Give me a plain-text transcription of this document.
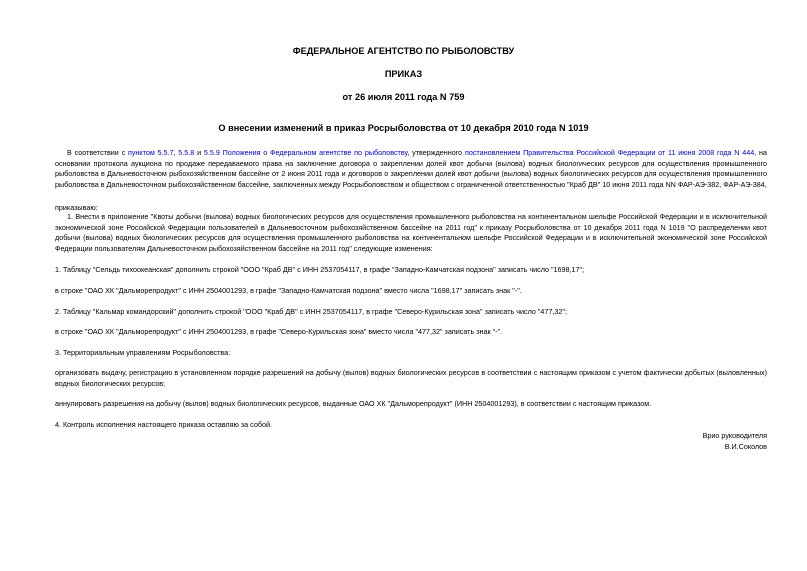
ФЕДЕРАЛЬНОЕ АГЕНТСТВО ПО РЫБОЛОВСТВУ
ПРИКАЗ
от 26 июля 2011 года N 759
О внесении изменений в приказ Росрыболовства от 10 декабря 2010 года N 1019
В соответствии с пунктом 5.5.7, 5.5.8 и 5.5.9 Положения о Федеральном агентстве по рыболовству, утвержденного постановлением Правительства Российской Федерации от 11 июня 2008 года N 444, на основании протокола аукциона по продаже передаваемого права на заключение договора о закреплении долей квот добычи (вылова) водных биологических ресурсов для осуществления промышленного рыболовства в Дальневосточном рыбохозяйственном бассейне от 2 июня 2011 года и договоров о закреплении долей квот добычи (вылова) водных биологических ресурсов для осуществления промышленного рыболовства в Дальневосточном рыбохозяйственном бассейне, заключенных между Росрыболовством и обществом с ограниченной ответственностью "Краб ДВ" 10 июня 2011 года NN ФАР-АЭ-382, ФАР-АЭ-384,
приказываю:
1. Внести в приложение "Квоты добычи (вылова) водных биологических ресурсов для осуществления промышленного рыболовства на континентальном шельфе Российской Федерации и в исключительной экономической зоне Российской Федерации пользователей в Дальневосточном рыбохозяйственном бассейне на 2011 год" к приказу Росрыболовства от 10 декабря 2011 года N 1019 "О распределении квот добычи (вылова) водных биологических ресурсов для осуществления промышленного рыболовства на континентальном шельфе Российской Федерации и в исключительной экономической зоне Российской Федерации пользователям Дальневосточном рыбохозяйственном бассейне на 2011 год" следующие изменения:
1. Таблицу "Сельдь тихоокеанская" дополнить строкой "ООО "Краб ДВ" с ИНН 2537054117, в графе "Западно-Камчатская подзона" записать число "1698,17";
в строке "ОАО ХК "Дальморепродукт" с ИНН 2504001293, в графе "Западно-Камчатская подзона" вместо числа "1698,17" записать знак "-".
2. Таблицу "Кальмар командорский" дополнить строкой "ООО "Краб ДВ" с ИНН 2537054117, в графе "Северо-Курильская зона" записать число "477,32";
в строке "ОАО ХК "Дальморепродукт" с ИНН 2504001293, в графе "Северо-Курильская зона" вместо числа "477,32" записать знак "-".
3. Территориальным управлениям Росрыболовства:
организовать выдачу, регистрацию в установленном порядке разрешений на добычу (вылов) водных биологических ресурсов в соответствии с настоящим приказом с учетом фактически добытых (выловленных) водных биологических ресурсов;
аннулировать разрешения на добычу (вылов) водных биологических ресурсов, выданные ОАО ХК "Дальморепродукт" (ИНН 2504001293), в соответствии с настоящим приказом.
4. Контроль исполнения настоящего приказа оставляю за собой.
Врио руководителя
В.И.Соколов
